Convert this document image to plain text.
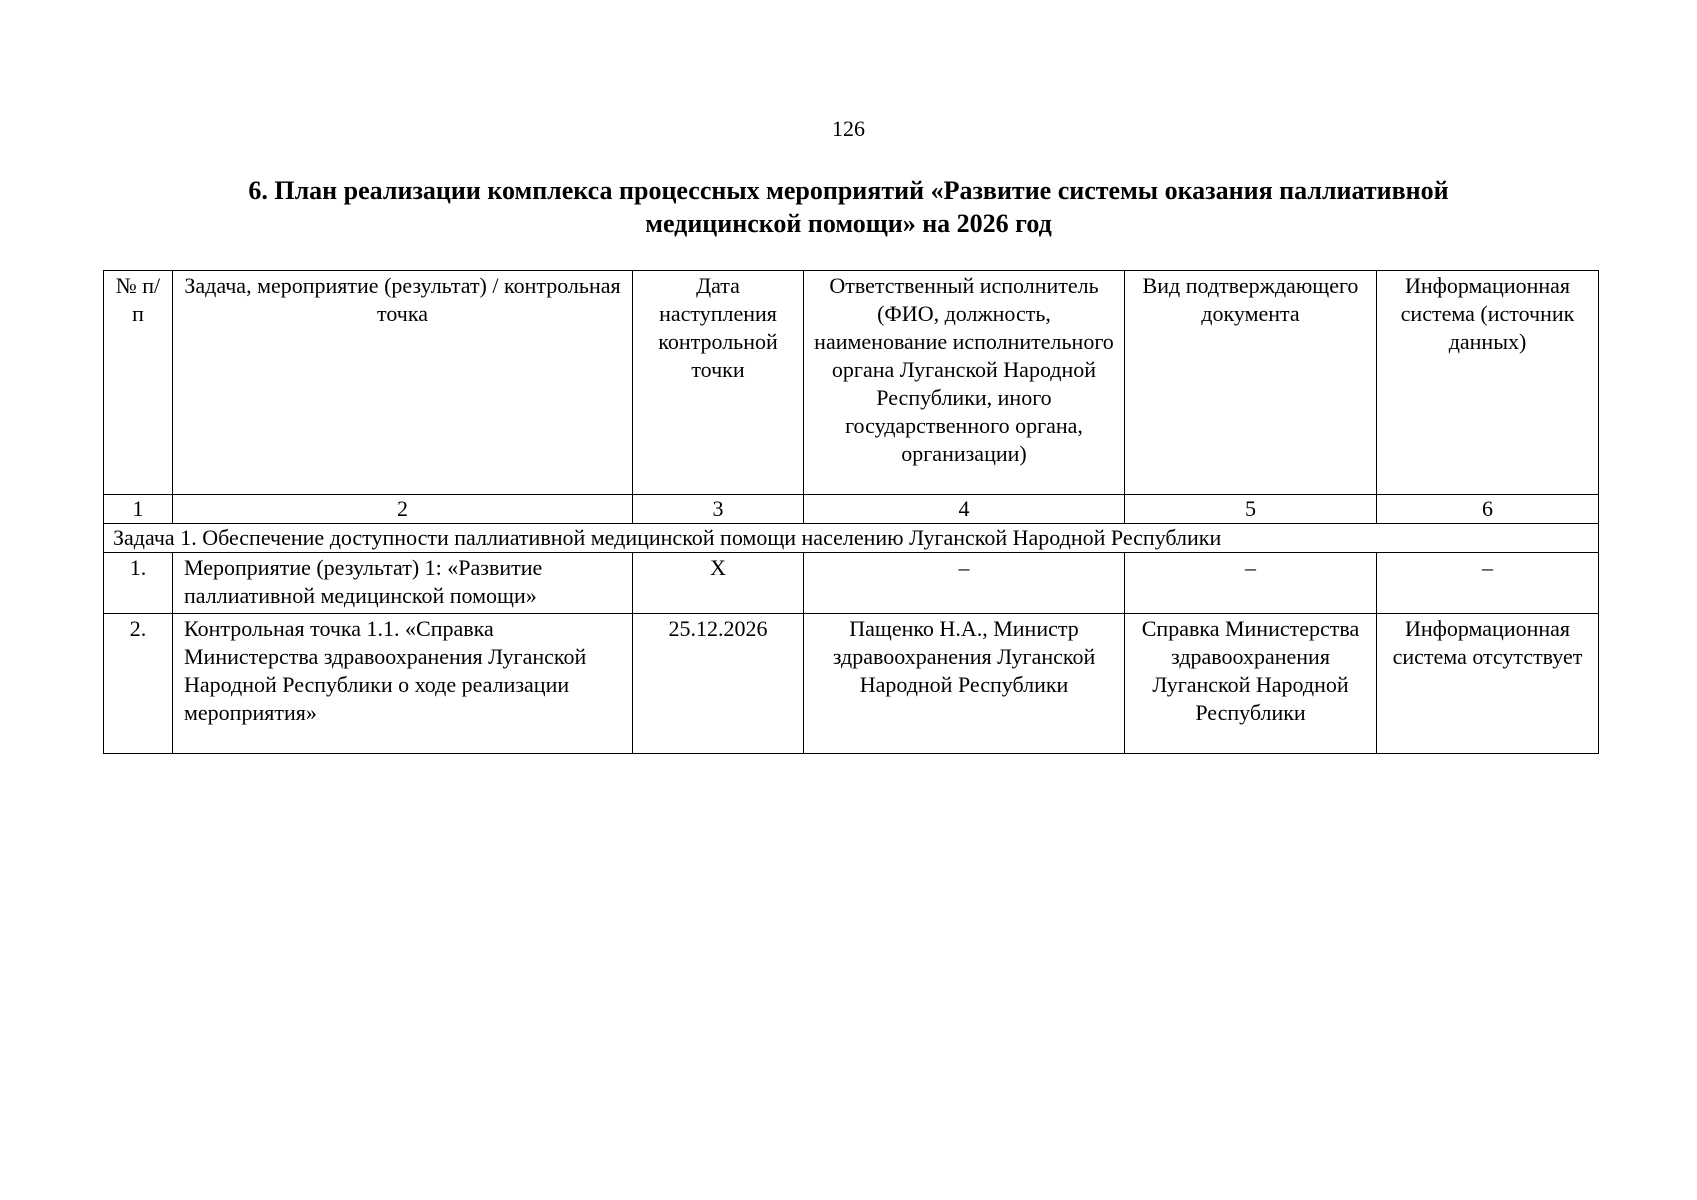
126
6. План реализации комплекса процессных мероприятий «Развитие системы оказания паллиативной
медицинской помощи» на 2026 год
№ п/п	Задача, мероприятие (результат) / контрольная точка	Дата наступления контрольной точки	Ответственный исполнитель (ФИО, должность, наименование исполнительного органа Луганской Народной Республики, иного государственного органа, организации)	Вид подтверждающего документа	Информационная система (источник данных)
1	2	3	4	5	6
Задача 1. Обеспечение доступности паллиативной медицинской помощи населению Луганской Народной Республики					
1.	Мероприятие (результат) 1: «Развитие паллиативной медицинской помощи»	Х	–	–	–
2.	Контрольная точка 1.1. «Справка Министерства здравоохранения Луганской Народной Республики о ходе реализации мероприятия»	25.12.2026	Пащенко Н.А., Министр здравоохранения Луганской Народной Республики	Справка Министерства здравоохранения Луганской Народной Республики	Информационная система отсутствует
